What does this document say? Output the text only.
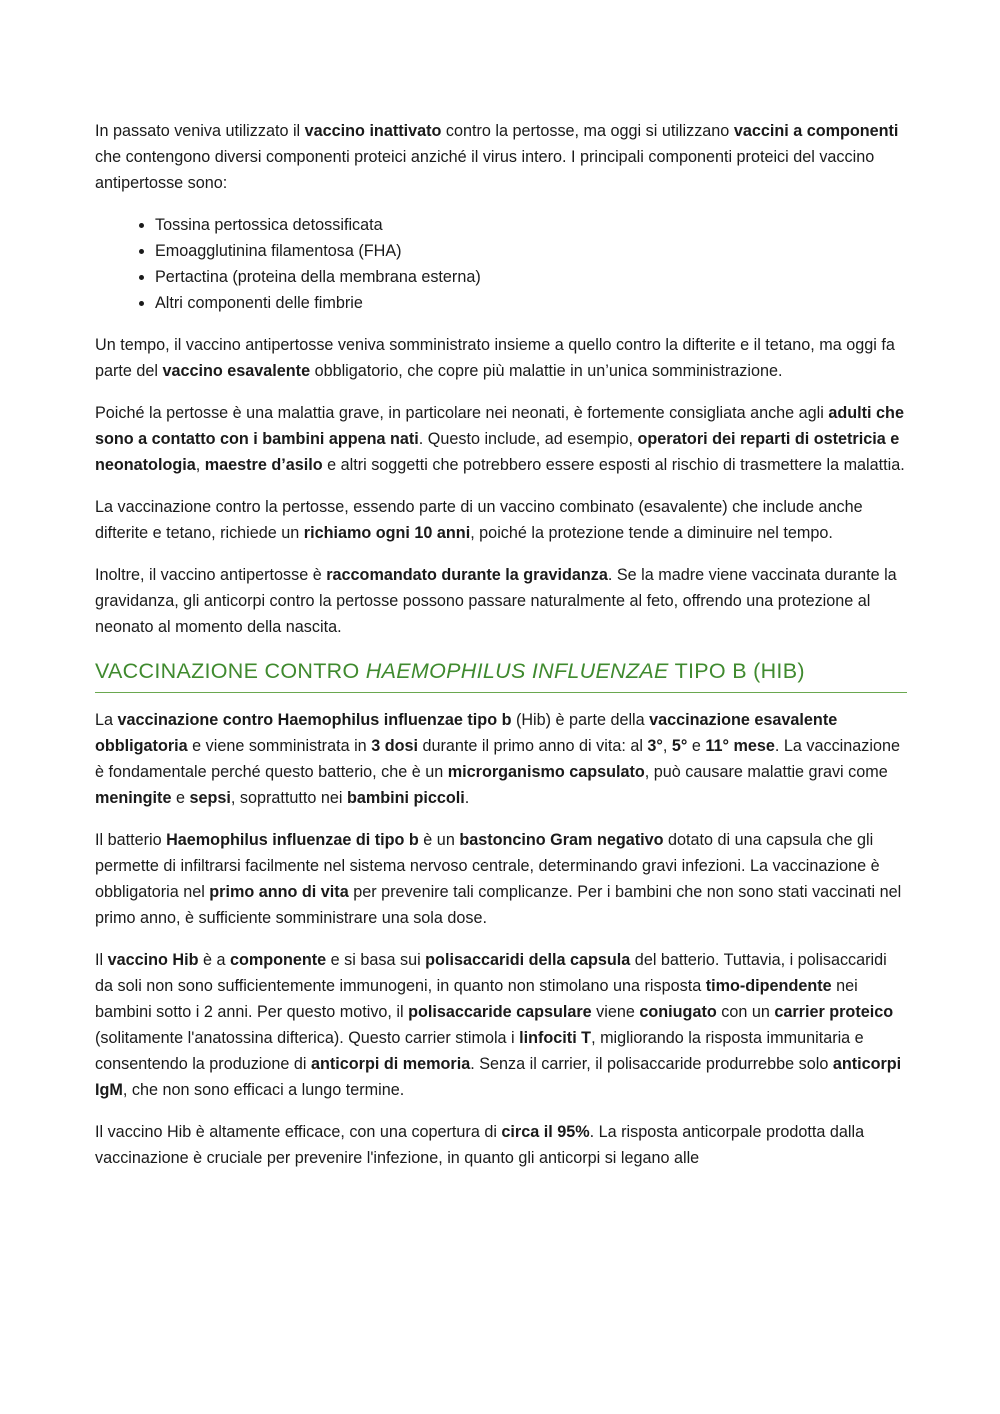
In passato veniva utilizzato il vaccino inattivato contro la pertosse, ma oggi si utilizzano vaccini a componenti che contengono diversi componenti proteici anziché il virus intero. I principali componenti proteici del vaccino antipertosse sono:

• Tossina pertossica detossificata
• Emoagglutinina filamentosa (FHA)
• Pertactina (proteina della membrana esterna)
• Altri componenti delle fimbrie

Un tempo, il vaccino antipertosse veniva somministrato insieme a quello contro la difterite e il tetano, ma oggi fa parte del vaccino esavalente obbligatorio, che copre più malattie in un’unica somministrazione.

Poiché la pertosse è una malattia grave, in particolare nei neonati, è fortemente consigliata anche agli adulti che sono a contatto con i bambini appena nati. Questo include, ad esempio, operatori dei reparti di ostetricia e neonatologia, maestre d’asilo e altri soggetti che potrebbero essere esposti al rischio di trasmettere la malattia.

La vaccinazione contro la pertosse, essendo parte di un vaccino combinato (esavalente) che include anche difterite e tetano, richiede un richiamo ogni 10 anni, poiché la protezione tende a diminuire nel tempo.

Inoltre, il vaccino antipertosse è raccomandato durante la gravidanza. Se la madre viene vaccinata durante la gravidanza, gli anticorpi contro la pertosse possono passare naturalmente al feto, offrendo una protezione al neonato al momento della nascita.

VACCINAZIONE CONTRO HAEMOPHILUS INFLUENZAE TIPO B (HIB)

La vaccinazione contro Haemophilus influenzae tipo b (Hib) è parte della vaccinazione esavalente obbligatoria e viene somministrata in 3 dosi durante il primo anno di vita: al 3°, 5° e 11° mese. La vaccinazione è fondamentale perché questo batterio, che è un microrganismo capsulato, può causare malattie gravi come meningite e sepsi, soprattutto nei bambini piccoli.

Il batterio Haemophilus influenzae di tipo b è un bastoncino Gram negativo dotato di una capsula che gli permette di infiltrarsi facilmente nel sistema nervoso centrale, determinando gravi infezioni. La vaccinazione è obbligatoria nel primo anno di vita per prevenire tali complicanze. Per i bambini che non sono stati vaccinati nel primo anno, è sufficiente somministrare una sola dose.

Il vaccino Hib è a componente e si basa sui polisaccaridi della capsula del batterio. Tuttavia, i polisaccaridi da soli non sono sufficientemente immunogeni, in quanto non stimolano una risposta timo-dipendente nei bambini sotto i 2 anni. Per questo motivo, il polisaccaride capsulare viene coniugato con un carrier proteico (solitamente l'anatossina difterica). Questo carrier stimola i linfociti T, migliorando la risposta immunitaria e consentendo la produzione di anticorpi di memoria. Senza il carrier, il polisaccaride produrrebbe solo anticorpi IgM, che non sono efficaci a lungo termine.

Il vaccino Hib è altamente efficace, con una copertura di circa il 95%. La risposta anticorpale prodotta dalla vaccinazione è cruciale per prevenire l'infezione, in quanto gli anticorpi si legano alle
